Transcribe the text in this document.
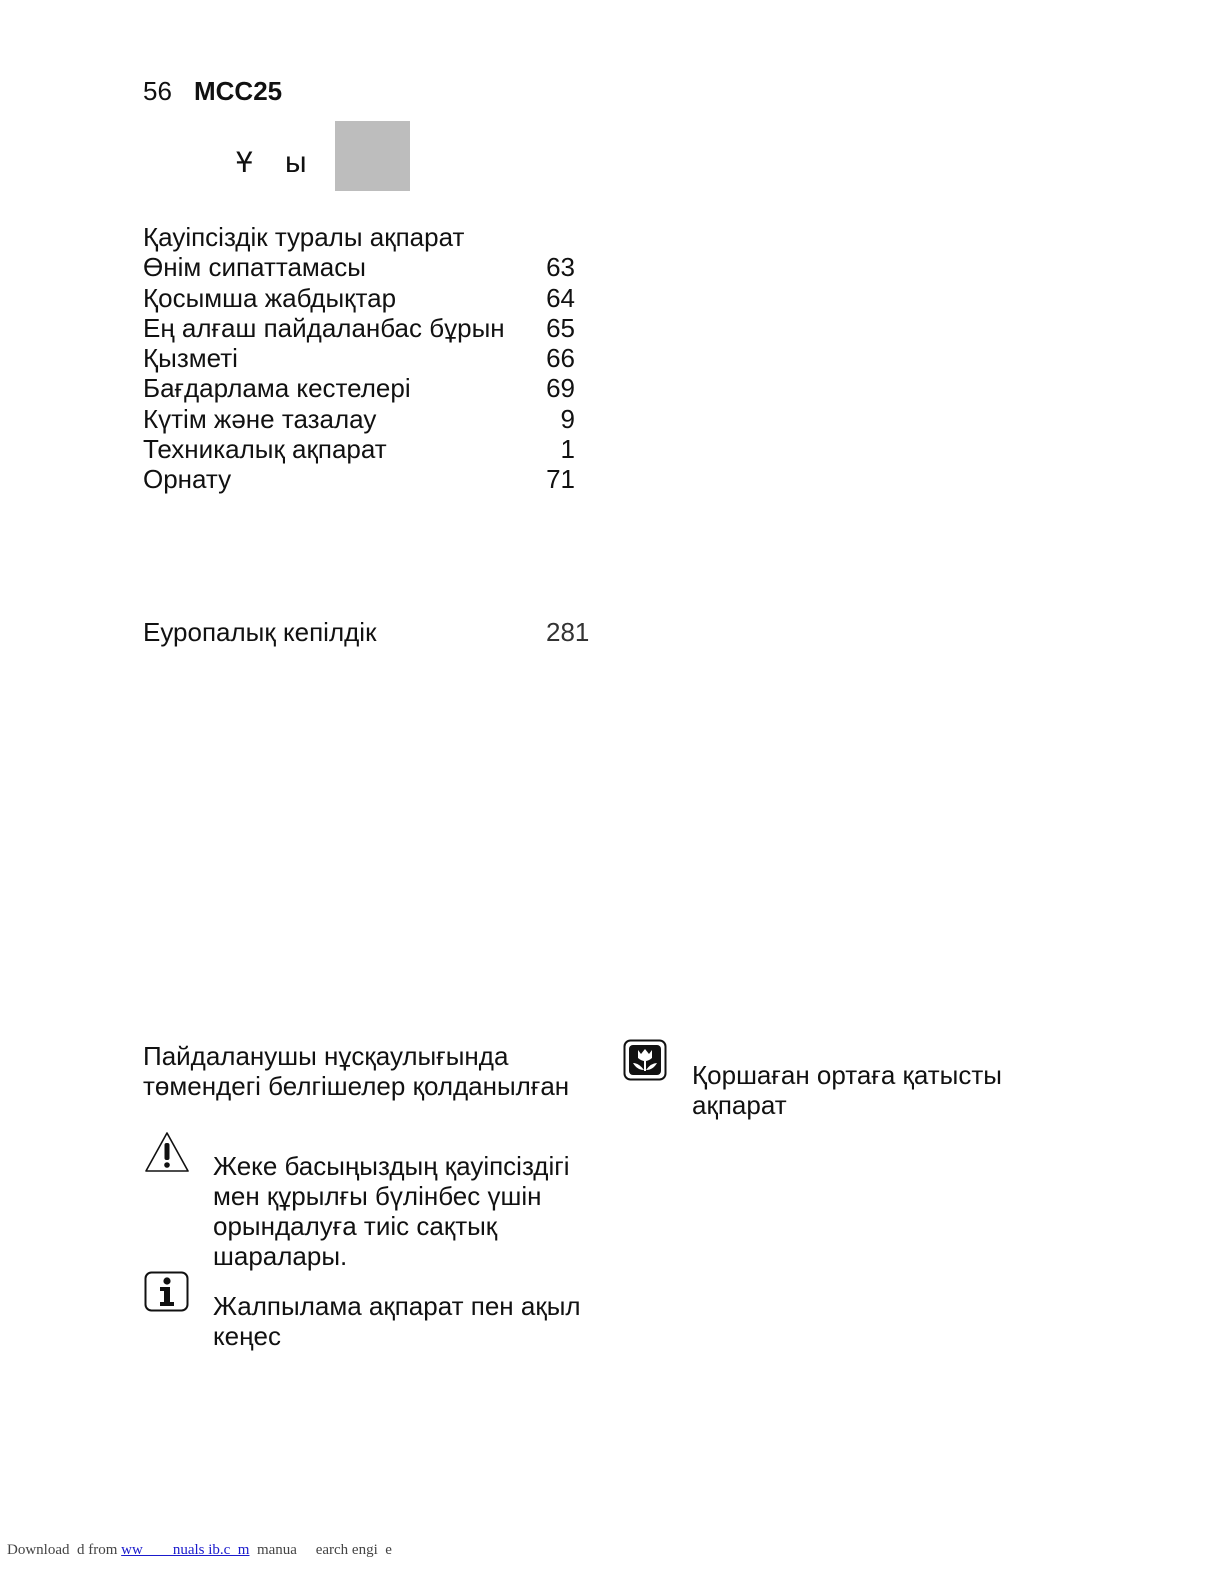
56 MCC25
Ұ ы
Қауіпсіздік туралы ақпарат
Өнім сипаттамасы	63
Қосымша жабдықтар	64
Ең алғаш пайдаланбас бұрын 65
Қызметі	66
Бағдарлама кестелері	69
Күтім және тазалау	9
Техникалық ақпарат	1
Орнату	71
Еуропалық кепілдік	281
Пайдаланушы нұсқаулығында төмендегі белгішелер қолданылған
Жеке басыңыздың қауіпсіздігі мен құрылғы бүлінбес үшін орындалуға тиіс сақтық шаралары.
Жалпылама ақпарат пен ақыл кеңес
Қоршаған ортаға қатысты ақпарат
Download  d from ww        nuals ib.c  m  manua     earch engi  e
